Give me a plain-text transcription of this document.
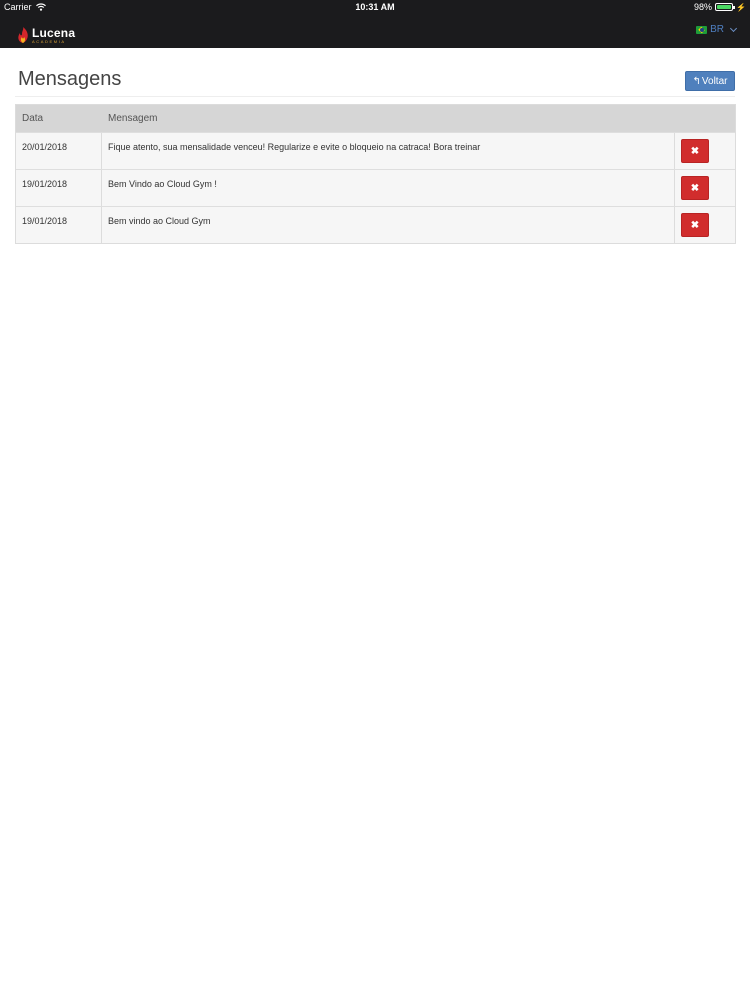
Carrier	10:31 AM	98%	⚡
Lucena
ACADEMIA
BR
Mensagens	↰ Voltar
Data	Mensagem
20/01/2018	Fique atento, sua mensalidade venceu! Regularize e evite o bloqueio na catraca! Bora treinar	✖
19/01/2018	Bem Vindo ao Cloud Gym !	✖
19/01/2018	Bem vindo ao Cloud Gym	✖
